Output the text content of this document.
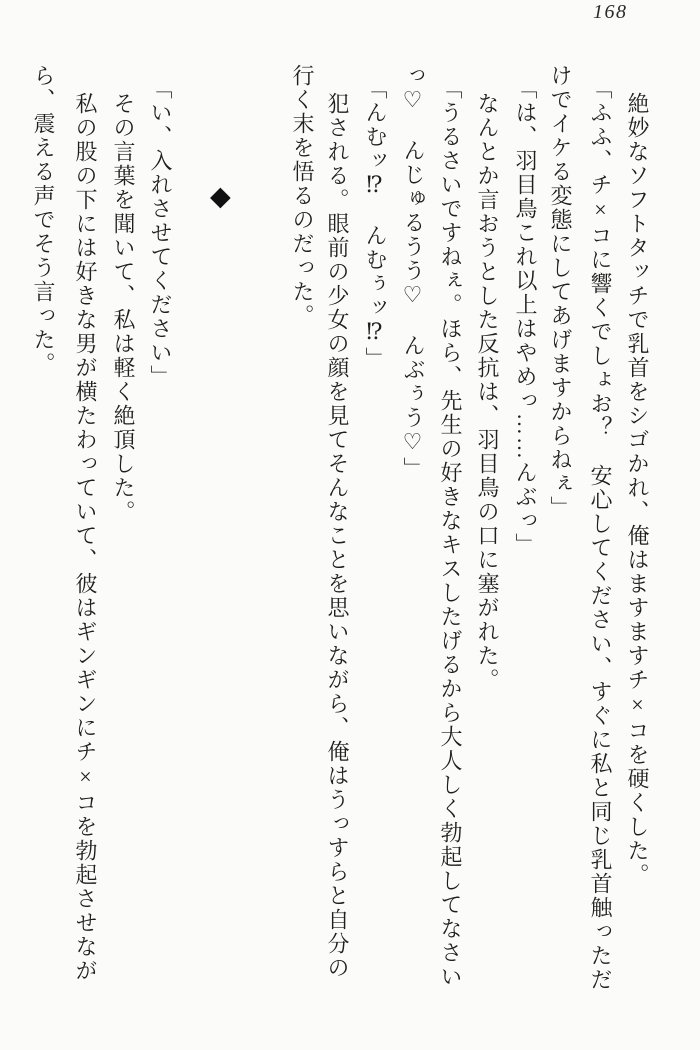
168
絶妙なソフトタッチで乳首をシゴかれ、俺はますますチ×コを硬くした。
「ふふ、チ×コに響くでしょお？　安心してください、すぐに私と同じ乳首触っただ
けでイケる変態にしてあげますからねぇ」
「は、羽目鳥これ以上はやめっ……んぶっ」
なんとか言おうとした反抗は、羽目鳥の口に塞がれた。
「うるさいですねぇ。ほら、先生の好きなキスしたげるから大人しく勃起してなさい
っ♡　んじゅるうう♡　んぶぅう♡」
「んむッ⁉　んむぅッ⁉」
犯される。眼前の少女の顔を見てそんなことを思いながら、俺はうっすらと自分の
行く末を悟るのだった。
◆
「い、入れさせてください」
その言葉を聞いて、私は軽く絶頂した。
私の股の下には好きな男が横たわっていて、彼はギンギンにチ×コを勃起させなが
ら、震える声でそう言った。
